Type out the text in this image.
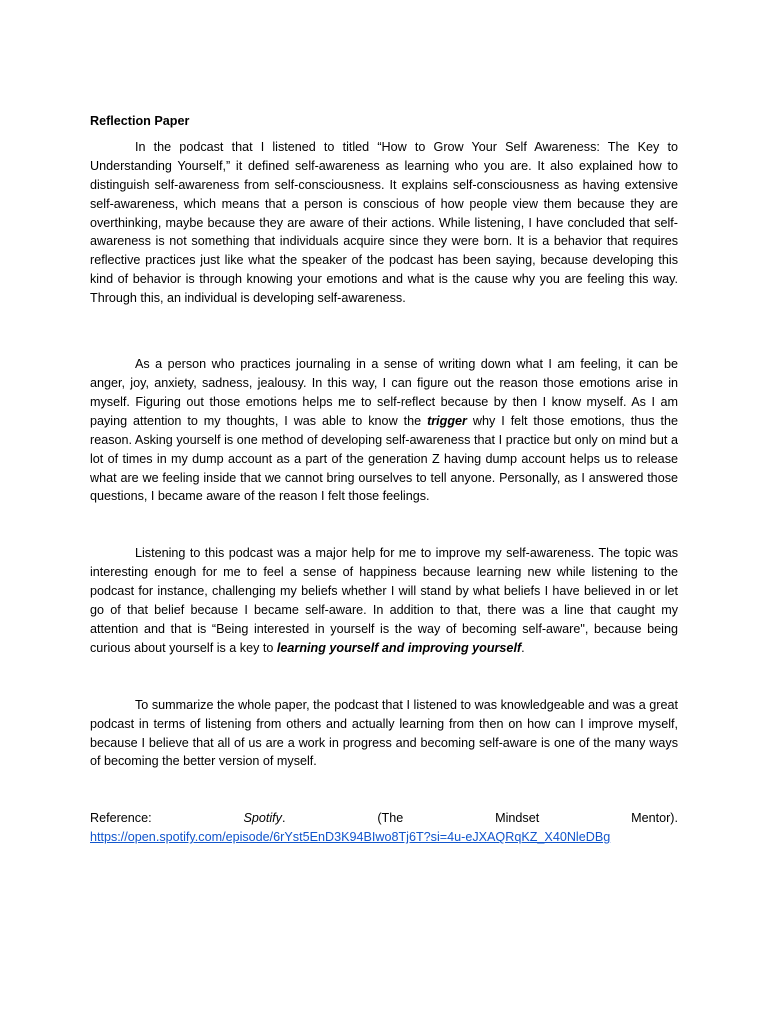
Reflection Paper

In the podcast that I listened to titled “How to Grow Your Self Awareness: The Key to Understanding Yourself,” it defined self-awareness as learning who you are. It also explained how to distinguish self-awareness from self-consciousness. It explains self-consciousness as having extensive self-awareness, which means that a person is conscious of how people view them because they are overthinking, maybe because they are aware of their actions. While listening, I have concluded that self-awareness is not something that individuals acquire since they were born. It is a behavior that requires reflective practices just like what the speaker of the podcast has been saying, because developing this kind of behavior is through knowing your emotions and what is the cause why you are feeling this way. Through this, an individual is developing self-awareness.

As a person who practices journaling in a sense of writing down what I am feeling, it can be anger, joy, anxiety, sadness, jealousy. In this way, I can figure out the reason those emotions arise in myself. Figuring out those emotions helps me to self-reflect because by then I know myself. As I am paying attention to my thoughts, I was able to know the trigger why I felt those emotions, thus the reason. Asking yourself is one method of developing self-awareness that I practice but only on mind but a lot of times in my dump account as a part of the generation Z having dump account helps us to release what are we feeling inside that we cannot bring ourselves to tell anyone. Personally, as I answered those questions, I became aware of the reason I felt those feelings.

Listening to this podcast was a major help for me to improve my self-awareness. The topic was interesting enough for me to feel a sense of happiness because learning new while listening to the podcast for instance, challenging my beliefs whether I will stand by what beliefs I have believed in or let go of that belief because I became self-aware. In addition to that, there was a line that caught my attention and that is “Being interested in yourself is the way of becoming self-aware", because being curious about yourself is a key to learning yourself and improving yourself.

To summarize the whole paper, the podcast that I listened to was knowledgeable and was a great podcast in terms of listening from others and actually learning from then on how can I improve myself, because I believe that all of us are a work in progress and becoming self-aware is one of the many ways of becoming the better version of myself.

Reference:	Spotify.	(The	Mindset	Mentor).
https://open.spotify.com/episode/6rYst5EnD3K94BIwo8Tj6T?si=4u-eJXAQRqKZ_X40NleDBg
